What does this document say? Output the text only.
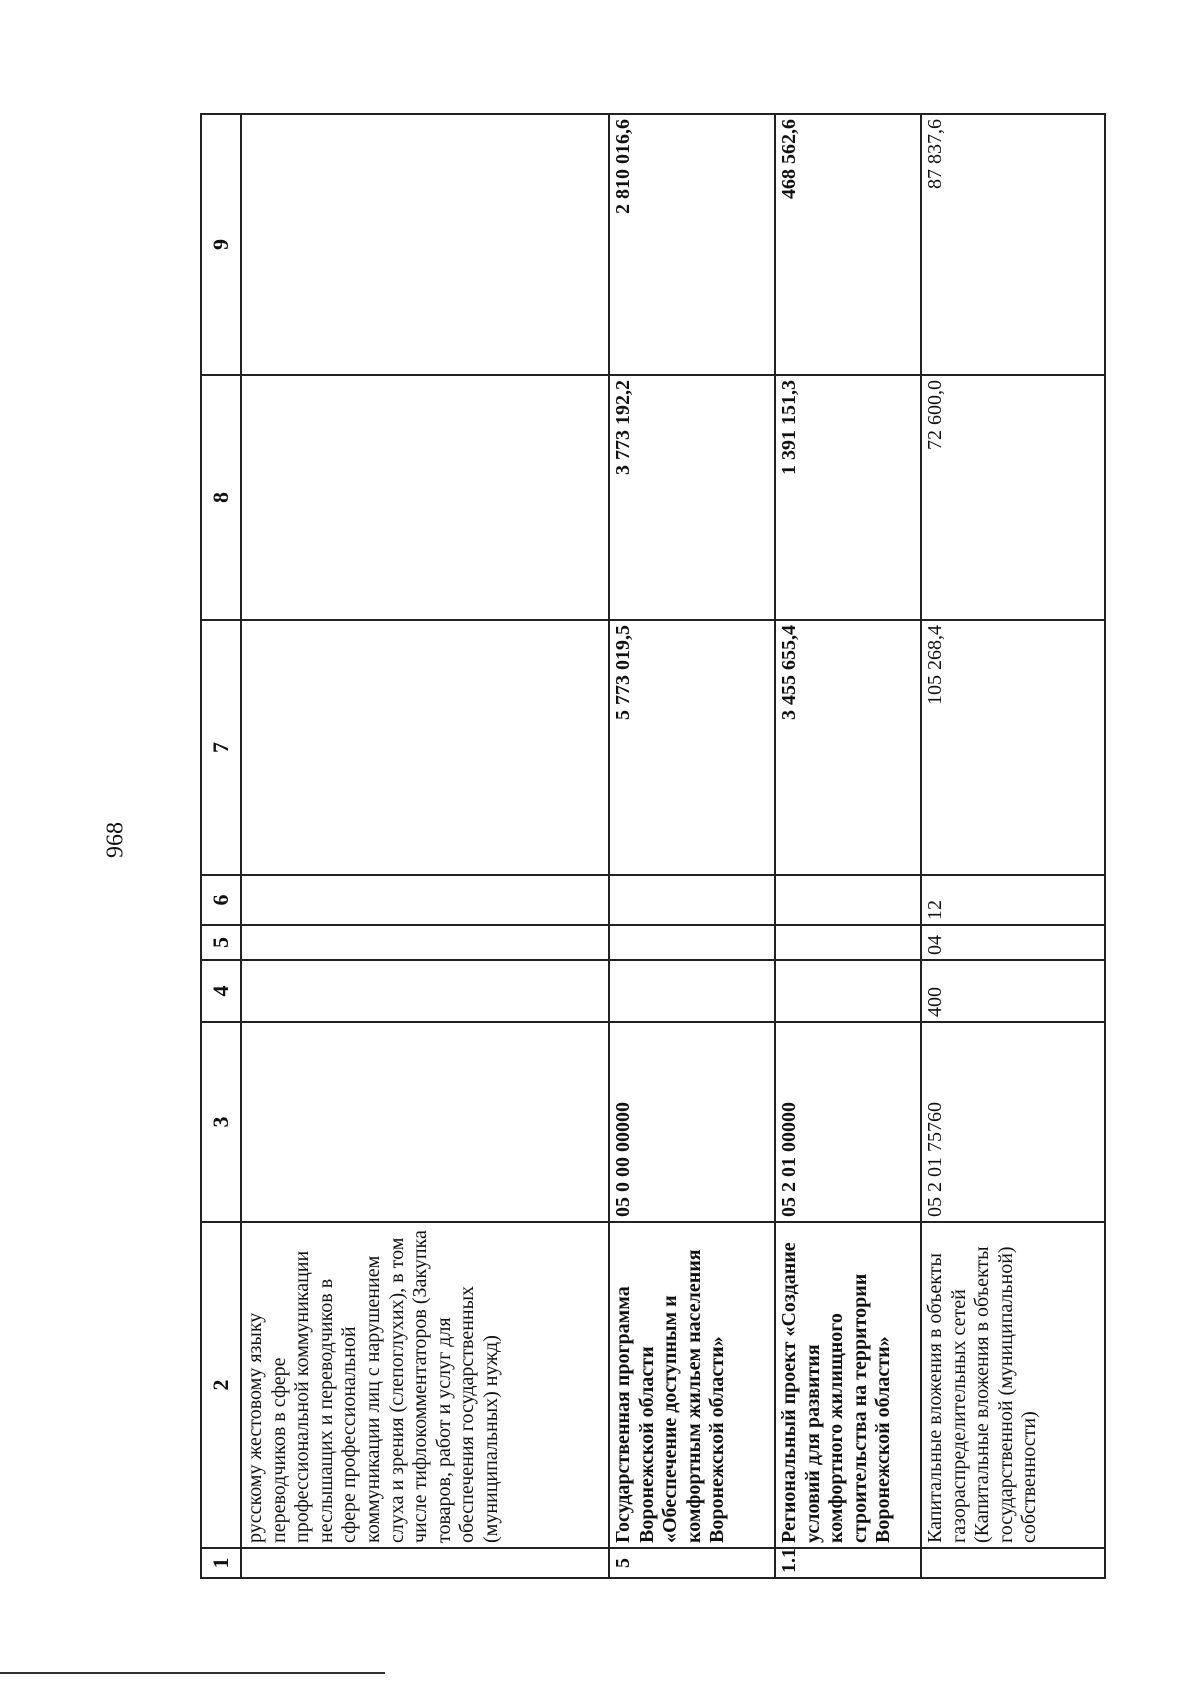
968
1	2	3	4	5	6	7	8	9
	русскому жестовому языку переводчиков в сфере профессиональной коммуникации неслышащих и переводчиков в сфере профессиональной коммуникации лиц с нарушением слуха и зрения (слепоглухих), в том числе тифлокомментаторов (Закупка товаров, работ и услуг для обеспечения государственных (муниципальных) нужд)							
5	Государственная программа Воронежской области «Обеспечение доступным и комфортным жильем населения Воронежской области»	05 0 00 00000				5 773 019,5	3 773 192,2	2 810 016,6
1.1	Региональный проект «Создание условий для развития комфортного жилищного строительства на территории Воронежской области»	05 2 01 00000				3 455 655,4	1 391 151,3	468 562,6
	Капитальные вложения в объекты газораспределительных сетей (Капитальные вложения в объекты государственной (муниципальной) собственности)	05 2 01 75760	400	04	12	105 268,4	72 600,0	87 837,6
